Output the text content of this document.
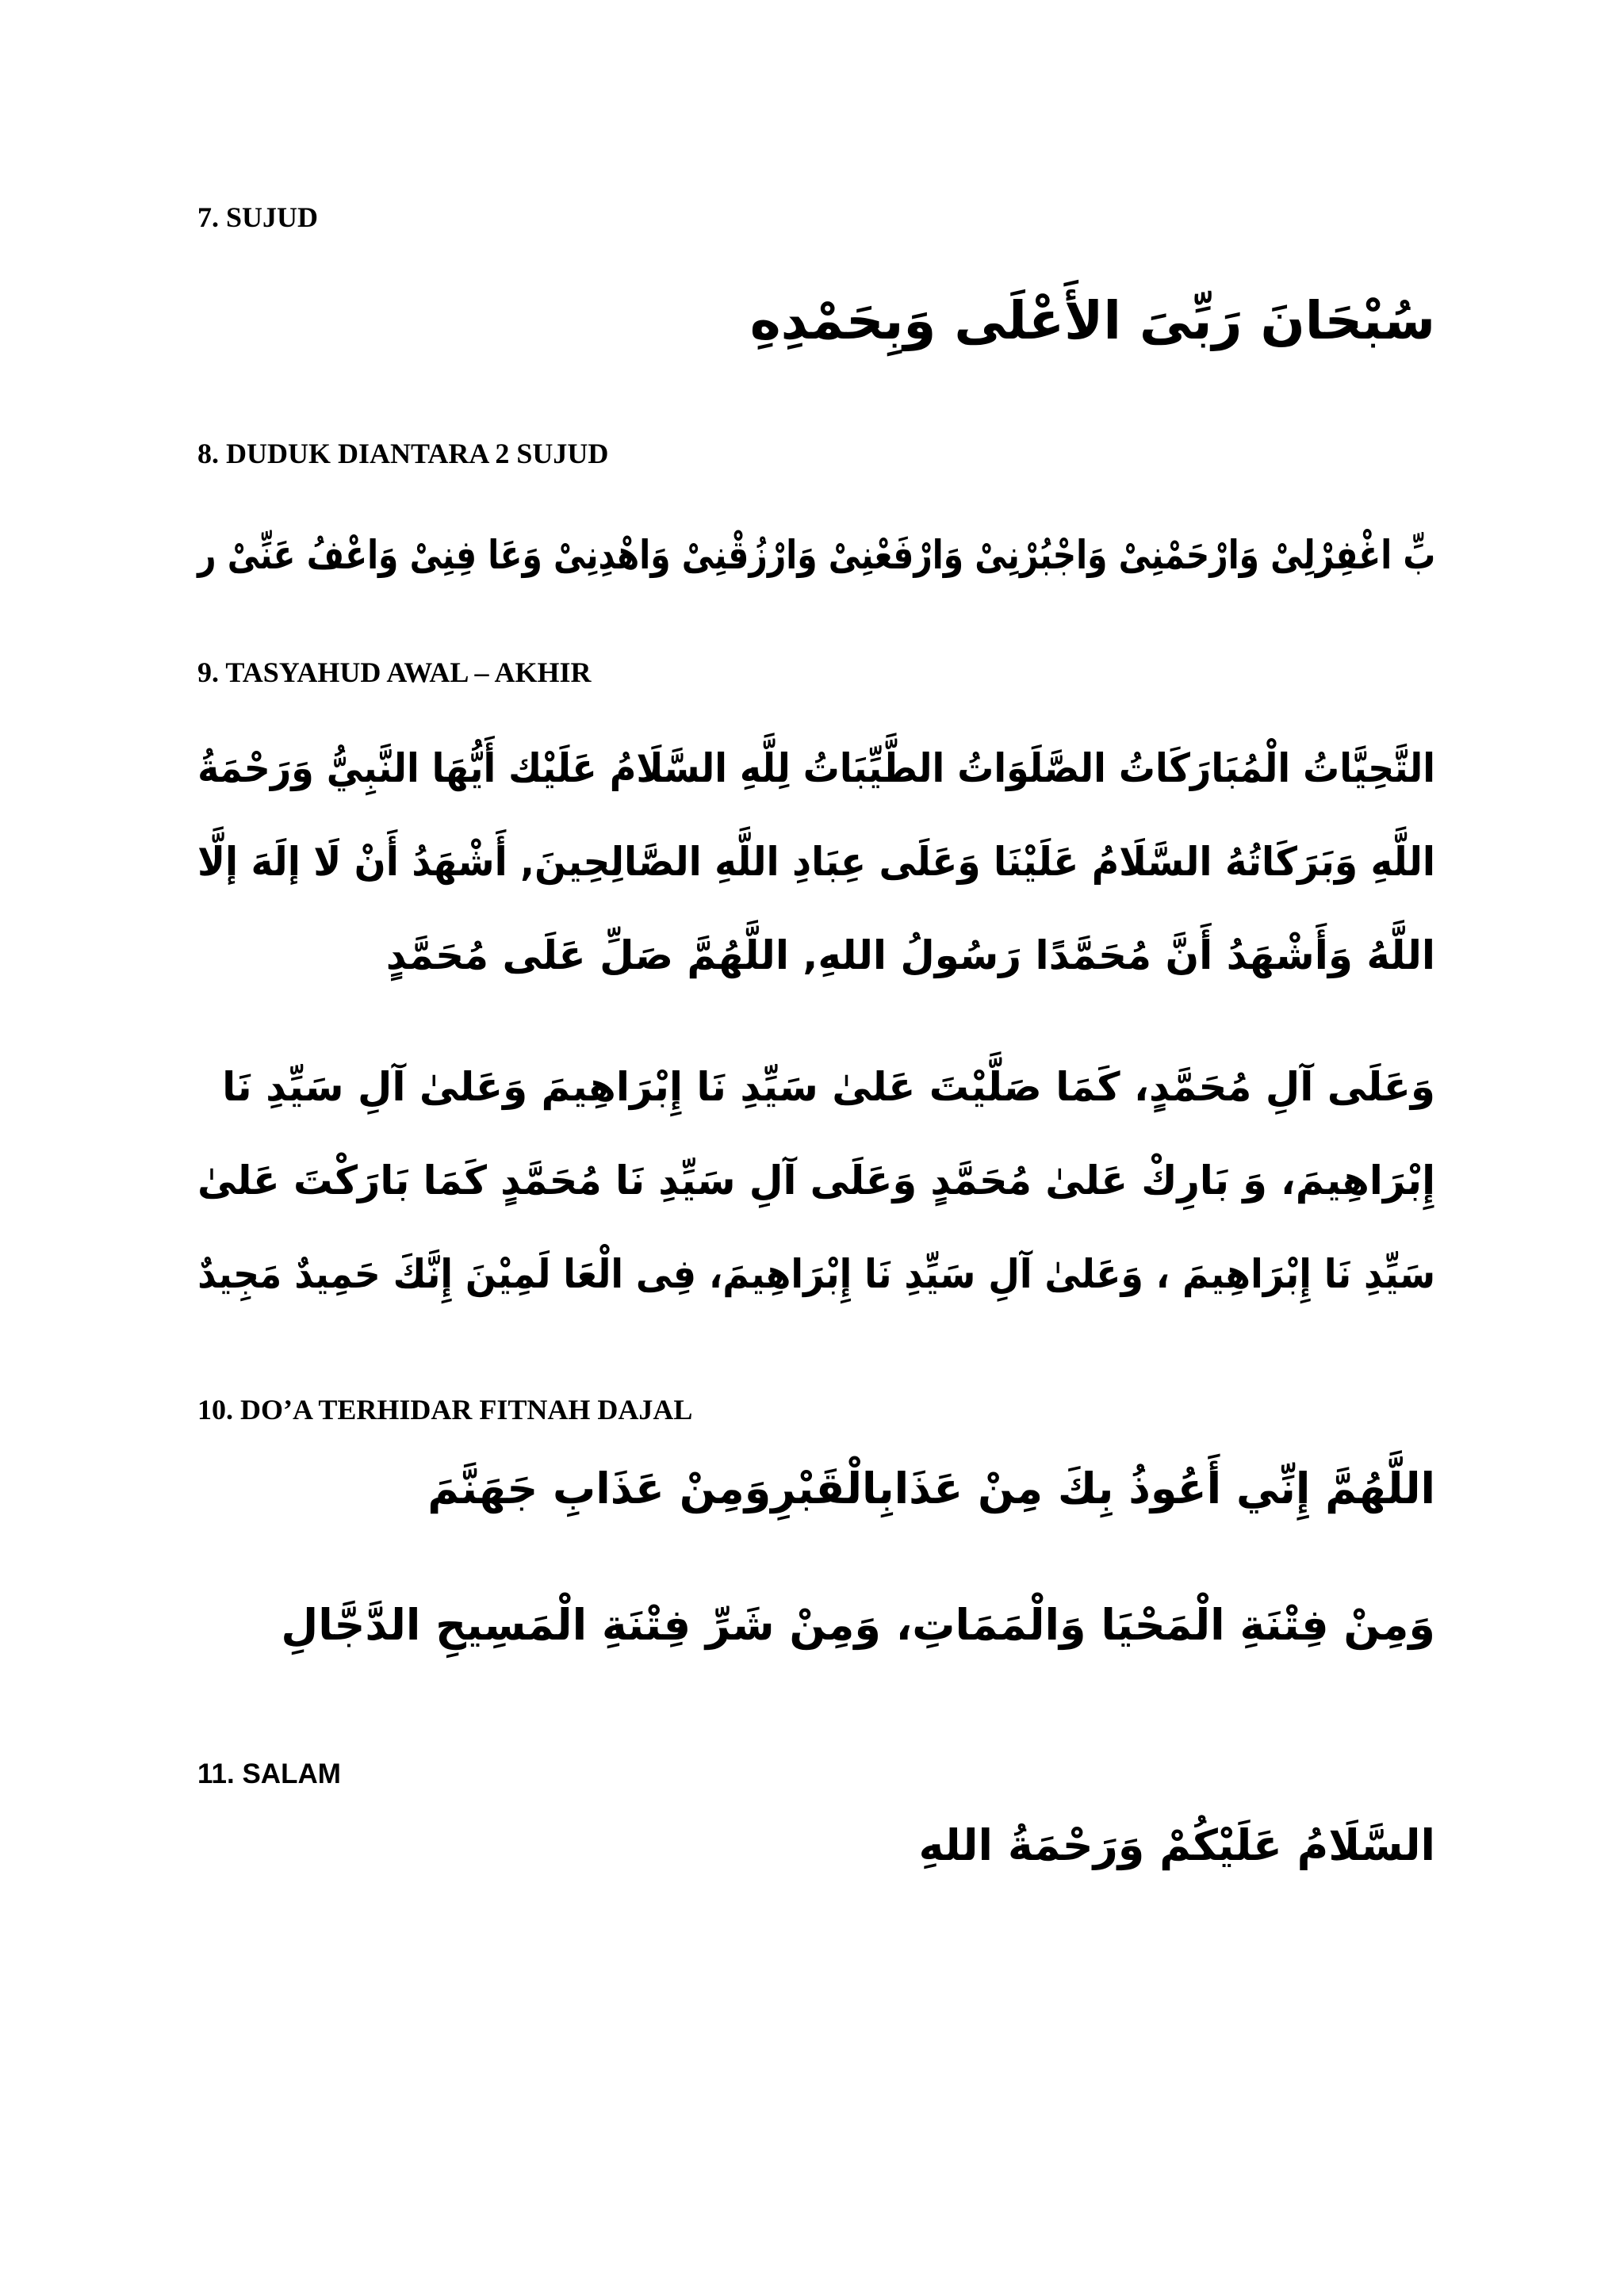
7. SUJUD

سُبْحَانَ رَبِّىَ الأَعْلَى وَبِحَمْدِهِ

8. DUDUK DIANTARA 2 SUJUD

بِّ اغْفِرْلِىْ وَارْحَمْنِىْ وَاجْبُرْنِىْ وَارْفَعْنِىْ وَارْزُقْنِىْ وَاهْدِنِىْ وَعَا فِنِىْ وَاعْفُ عَنِّىْ ر

9. TASYAHUD AWAL – AKHIR
التَّحِيَّاتُ الْمُبَارَكَاتُ الصَّلَوَاتُ الطَّيِّبَاتُ لِلَّهِ السَّلَامُ عَلَيْك أَيُّهَا النَّبِيُّ وَرَحْمَةُ
اللَّهِ وَبَرَكَاتُهُ السَّلَامُ عَلَيْنَا وَعَلَى عِبَادِ اللَّهِ الصَّالِحِينَ, أَشْهَدُ أَنْ لَا إلَهَ إلَّا
اللَّهُ وَأَشْهَدُ أَنَّ مُحَمَّدًا رَسُولُ اللهِ, اللَّهُمَّ صَلِّ عَلَى مُحَمَّدٍ
وَعَلَى آلِ مُحَمَّدٍ، كَمَا صَلَّيْتَ عَلىٰ سَيِّدِ نَا إِبْرَاهِيمَ وَعَلىٰ آلِ سَيِّدِ نَا
إِبْرَاهِيمَ، وَ بَارِكْ عَلىٰ مُحَمَّدٍ وَعَلَى آلِ سَيِّدِ نَا مُحَمَّدٍ كَمَا بَارَكْتَ عَلىٰ
سَيِّدِ نَا إِبْرَاهِيمَ ، وَعَلىٰ آلِ سَيِّدِ نَا إِبْرَاهِيمَ، فِى الْعَا لَمِيْنَ إِنَّكَ حَمِيدٌ مَجِيدٌ
10. DO’A TERHIDAR FITNAH DAJAL

اللَّهُمَّ إِنِّي أَعُوذُ بِكَ مِنْ عَذَابِالْقَبْرِوَمِنْ عَذَابِ جَهَنَّمَ

وَمِنْ فِتْنَةِ الْمَحْيَا وَالْمَمَاتِ، وَمِنْ شَرِّ فِتْنَةِ الْمَسِيحِ الدَّجَّالِ

11. SALAM

السَّلَامُ عَلَيْكُمْ وَرَحْمَةُ اللهِ
